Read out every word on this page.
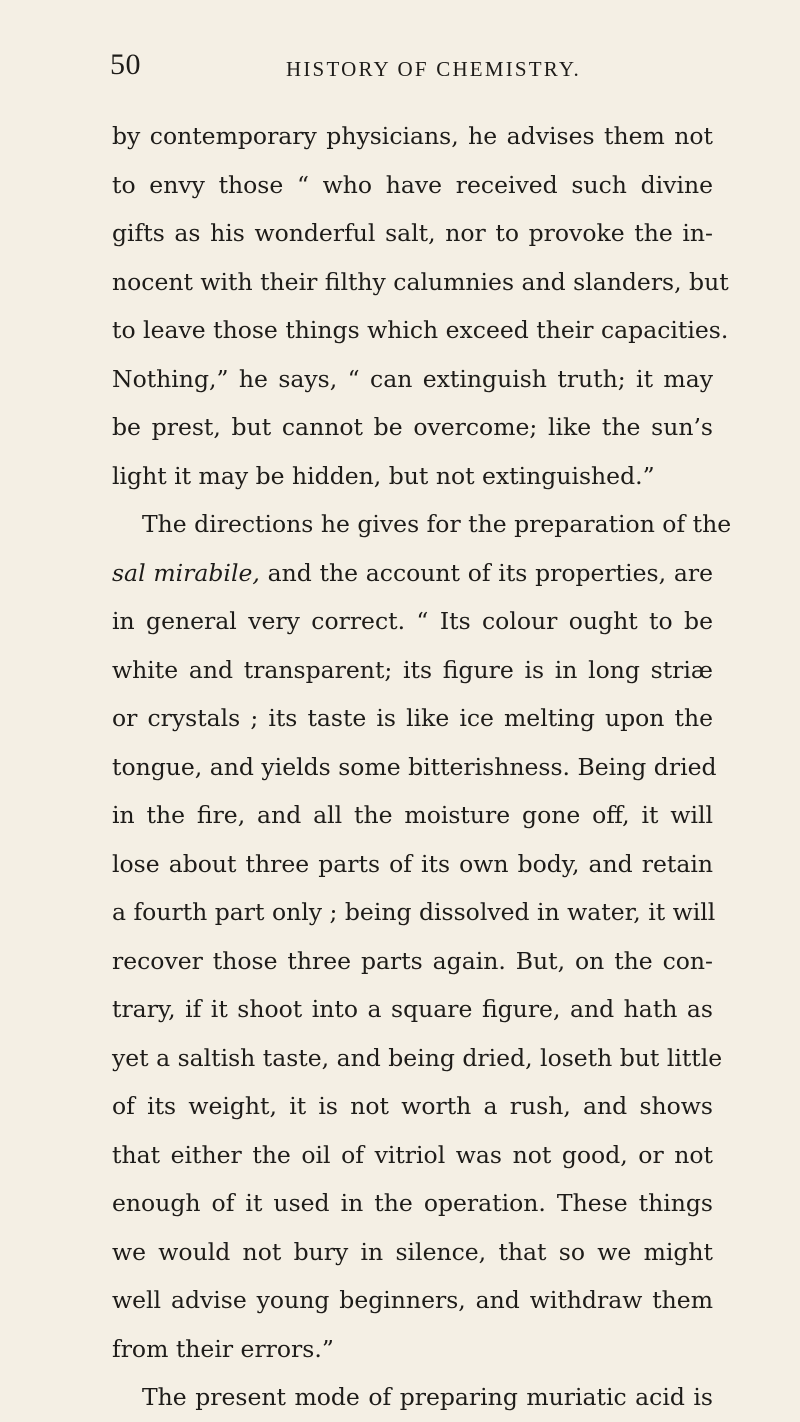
50	HISTORY OF CHEMISTRY.
by contemporary physicians, he advises them not
to envy those “ who have received such divine
gifts as his wonderful salt, nor to provoke the in-
nocent with their filthy calumnies and slanders, but
to leave those things which exceed their capacities.
Nothing,” he says, “ can extinguish truth; it may
be prest, but cannot be overcome; like the sun’s
light it may be hidden, but not extinguished.”
The directions he gives for the preparation of the
sal mirabile, and the account of its properties, are
in general very correct. “ Its colour ought to be
white and transparent; its figure is in long striæ
or crystals ; its taste is like ice melting upon the
tongue, and yields some bitterishness. Being dried
in the fire, and all the moisture gone off, it will
lose about three parts of its own body, and retain
a fourth part only ; being dissolved in water, it will
recover those three parts again. But, on the con-
trary, if it shoot into a square figure, and hath as
yet a saltish taste, and being dried, loseth but little
of its weight, it is not worth a rush, and shows
that either the oil of vitriol was not good, or not
enough of it used in the operation. These things
we would not bury in silence, that so we might
well advise young beginners, and withdraw them
from their errors.”
The present mode of preparing muriatic acid is
